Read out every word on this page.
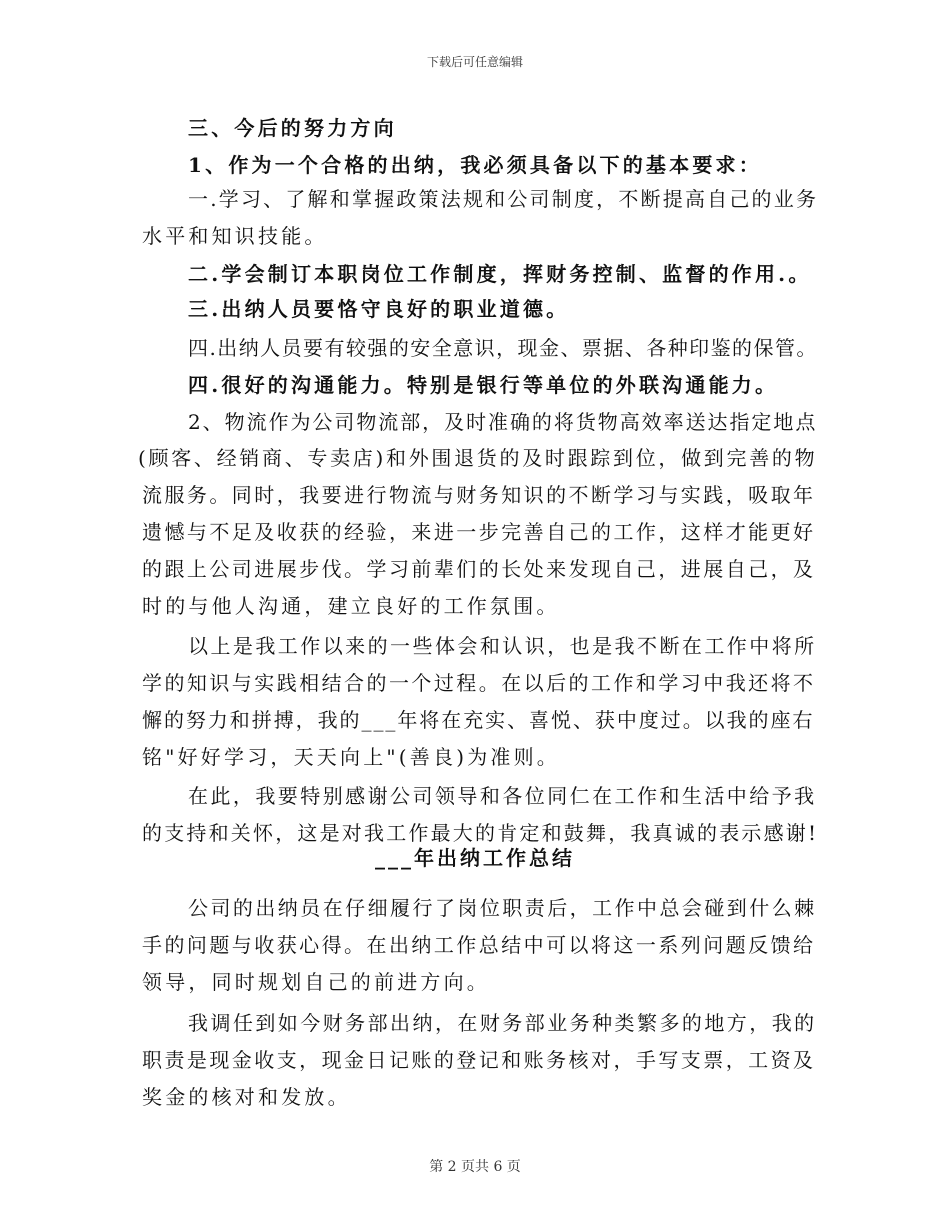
下载后可任意编辑
三、今后的努力方向
1、作为一个合格的出纳，我必须具备以下的基本要求：
一.学习、了解和掌握政策法规和公司制度，不断提高自己的业务
水平和知识技能。
二.学会制订本职岗位工作制度，挥财务控制、监督的作用.。
三.出纳人员要恪守良好的职业道德。
四.出纳人员要有较强的安全意识，现金、票据、各种印鉴的保管。
四.很好的沟通能力。特别是银行等单位的外联沟通能力。
2、物流作为公司物流部，及时准确的将货物高效率送达指定地点
(顾客、经销商、专卖店)和外围退货的及时跟踪到位，做到完善的物
流服务。同时，我要进行物流与财务知识的不断学习与实践，吸取年
遗憾与不足及收获的经验，来进一步完善自己的工作，这样才能更好
的跟上公司进展步伐。学习前辈们的长处来发现自己，进展自己，及
时的与他人沟通，建立良好的工作氛围。
以上是我工作以来的一些体会和认识，也是我不断在工作中将所
学的知识与实践相结合的一个过程。在以后的工作和学习中我还将不
懈的努力和拼搏，我的___年将在充实、喜悦、获中度过。以我的座右
铭"好好学习，天天向上"(善良)为准则。
在此，我要特别感谢公司领导和各位同仁在工作和生活中给予我
的支持和关怀，这是对我工作最大的肯定和鼓舞，我真诚的表示感谢!
___年出纳工作总结
公司的出纳员在仔细履行了岗位职责后，工作中总会碰到什么棘
手的问题与收获心得。在出纳工作总结中可以将这一系列问题反馈给
领导，同时规划自己的前进方向。
我调任到如今财务部出纳，在财务部业务种类繁多的地方，我的
职责是现金收支，现金日记账的登记和账务核对，手写支票，工资及
奖金的核对和发放。
第 2 页共 6 页
